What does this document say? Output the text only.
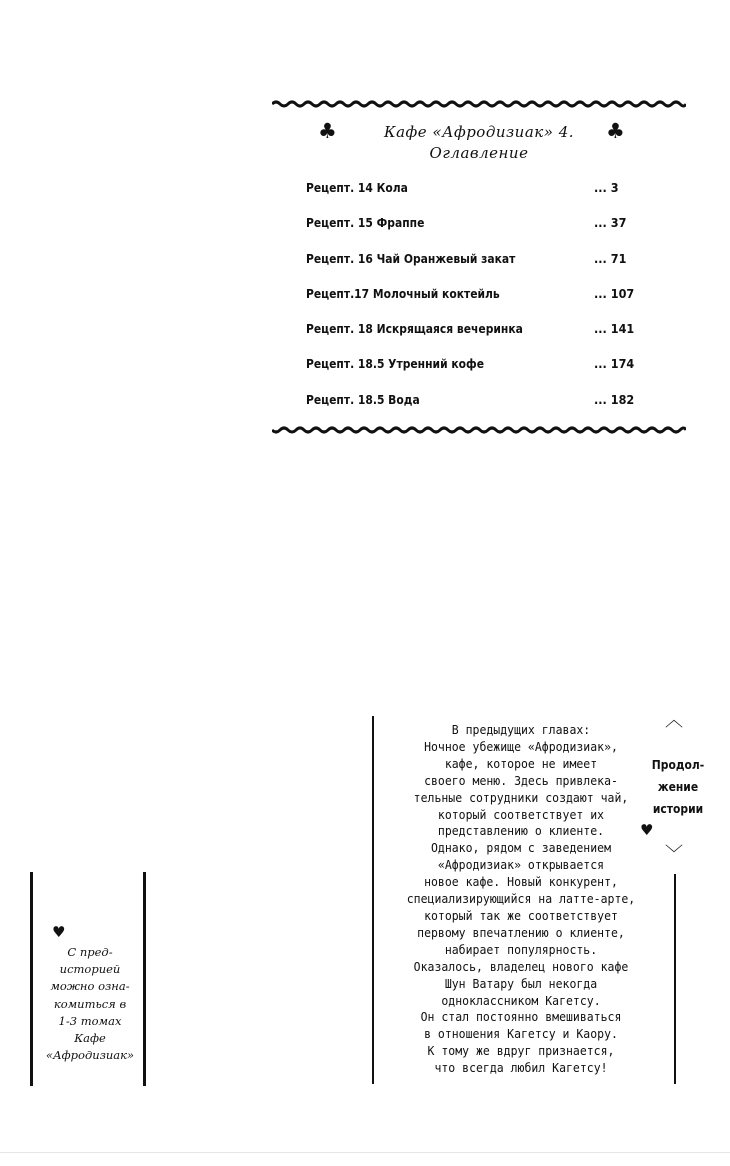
♣	Кафе «Афродизиак» 4.
Оглавление
♣
Рецепт. 14 Кола	... 3
Рецепт. 15 Фраппе	... 37
Рецепт. 16 Чай Оранжевый закат	... 71
Рецепт.17 Молочный коктейль	... 107
Рецепт. 18 Искрящаяся вечеринка	... 141
Рецепт. 18.5 Утренний кофе	... 174
Рецепт. 18.5 Вода	... 182
♥
С пред-
историей
можно озна-
комиться в
1-3 томах
Кафе
«Афродизиак»
В предыдущих главах:
Ночное убежище «Афродизиак»,
кафе, которое не имеет
своего меню. Здесь привлека-
тельные сотрудники создают чай,
который соответствует их
представлению о клиенте.
Однако, рядом с заведением
«Афродизиак» открывается
новое кафе. Новый конкурент,
специализирующийся на латте-арте,
который так же соответствует
первому впечатлению о клиенте,
набирает популярность.
Оказалось, владелец нового кафе
Шун Ватару был некогда
одноклассником Кагетсу.
Он стал постоянно вмешиваться
в отношения Кагетсу и Каору.
К тому же вдруг признается,
что всегда любил Кагетсу!
︿
Продол-
жение
истории
♥
﹀
